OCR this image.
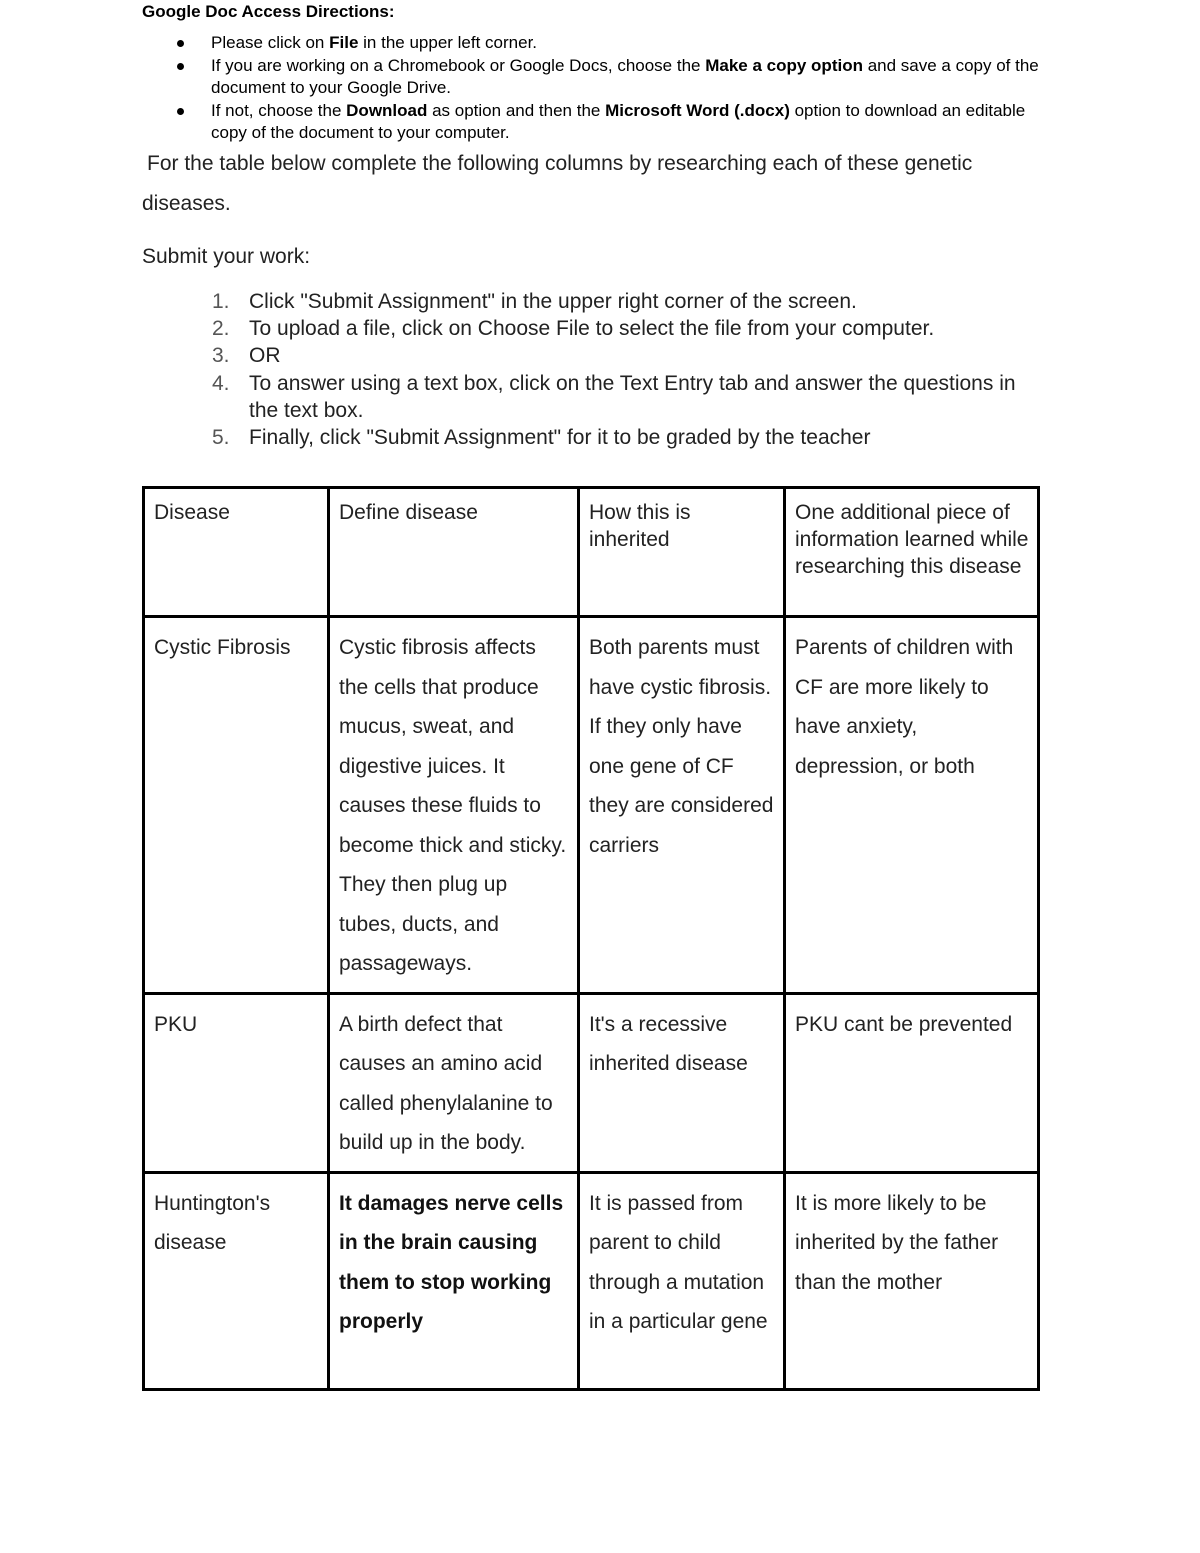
Google Doc Access Directions:
Please click on File in the upper left corner.
If you are working on a Chromebook or Google Docs, choose the Make a copy option and save a copy of the document to your Google Drive.
If not, choose the Download as option and then the Microsoft Word (.docx) option to download an editable copy of the document to your computer.
For the table below complete the following columns by researching each of these genetic diseases.
Submit your work:
1. Click "Submit Assignment" in the upper right corner of the screen.
2. To upload a file, click on Choose File to select the file from your computer.
3. OR
4. To answer using a text box, click on the Text Entry tab and answer the questions in the text box.
5. Finally, click "Submit Assignment" for it to be graded by the teacher
Disease	Define disease	How this is inherited	One additional piece of information learned while researching this disease
Cystic Fibrosis	Cystic fibrosis affects the cells that produce mucus, sweat, and digestive juices. It causes these fluids to become thick and sticky. They then plug up tubes, ducts, and passageways.	Both parents must have cystic fibrosis. If they only have one gene of CF they are considered carriers	Parents of children with CF are more likely to have anxiety, depression, or both
PKU	A birth defect that causes an amino acid called phenylalanine to build up in the body.	It's a recessive inherited disease	PKU cant be prevented
Huntington's disease	It damages nerve cells in the brain causing them to stop working properly	It is passed from parent to child through a mutation in a particular gene	It is more likely to be inherited by the father than the mother
